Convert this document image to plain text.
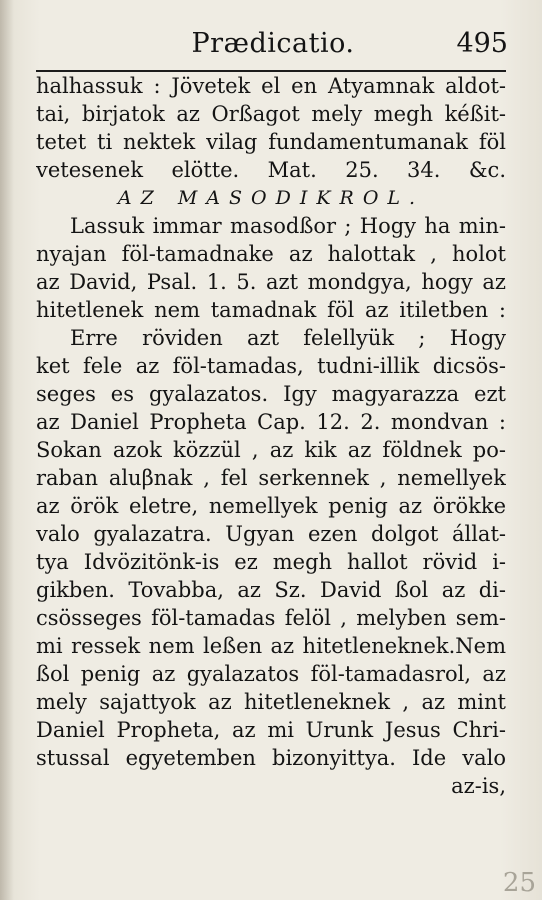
Prædicatio.	495
halhassuk : Jövetek el en Atyamnak aldot-
tai, birjatok az Orßagot mely megh kéßit-
tetet ti nektek vilag fundamentumanak föl
vetesenek elötte. Mat. 25. 34. &c.
AZ MASODIKROL.
Lassuk immar masodßor ; Hogy ha min-
nyajan föl-tamadnake az halottak , holot
az David, Psal. 1. 5. azt mondgya, hogy az
hitetlenek nem tamadnak föl az itiletben :
Erre röviden azt felellyük ; Hogy
ket fele az föl-tamadas, tudni-illik dicsös-
seges es gyalazatos. Igy magyarazza ezt
az Daniel Propheta Cap. 12. 2. mondvan :
Sokan azok közzül , az kik az földnek po-
raban aluβnak , fel serkennek , nemellyek
az örök eletre, nemellyek penig az örökke
valo gyalazatra. Ugyan ezen dolgot állat-
tya Idvözitönk-is ez megh hallot rövid i-
gikben. Tovabba, az Sz. David ßol az di-
csösseges föl-tamadas felöl , melyben sem-
mi ressek nem leßen az hitetleneknek.Nem
ßol penig az gyalazatos föl-tamadasrol, az
mely sajattyok az hitetleneknek , az mint
Daniel Propheta, az mi Urunk Jesus Chri-
stussal egyetemben bizonyittya. Ide valo
az-is,
25
